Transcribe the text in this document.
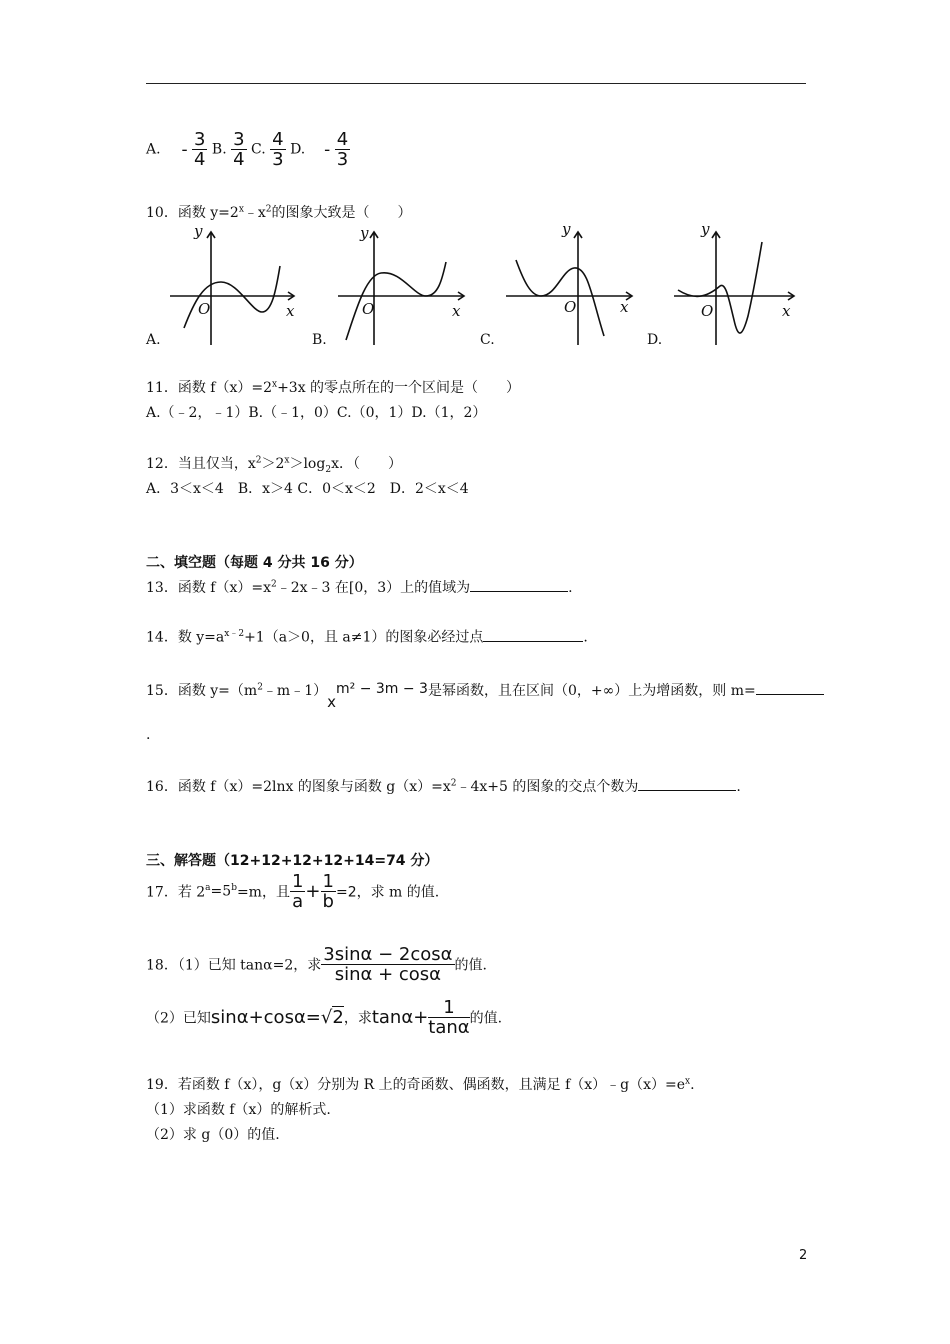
A. - $\frac{3}{4} B$. $\frac{3}{4} C$. $\frac{4}{3} D$. - $\frac{4}{3}$
10．函数 $y=2^x﹣x^2$的图象大致是（　　）
y
O	x
y
O	x
y
O	x
y
O	x
A.	B.	C.	D.
11．函数 $f(x)=2^x+3x$ 的零点所在的一个区间是（　　）
A.（﹣2，﹣1）B.（﹣1，0）C.（0，1）D.（1，2）
12．当且仅当，$x^2>2^x>\log_2x$．（　　）
A．3＜x＜4　B．x＞4 C．0＜x＜2　D．2＜x＜4
二、填空题（每题 4 分共 16 分）
13．函数 $f(x)=x^2﹣2x﹣3$ 在[0，3）上的值域为	.
14．数 $y=a^{x﹣2}+1(a>0$，且 a≠1）的图象必经过点	.
15．函数 $y=(m^2﹣m﹣1)xm^2 - 3m - 3$是幂函数，且在区间（0，+∞）上为增函数，则 m=
.
16．函数 f（x）=2lnx 的图象与函数 $g(x)=x^2﹣4x+5$ 的图象的交点个数为	.
三、解答题（12+12+12+12+14=74 分）
17．若 $2^a=5^b=m$，且 $\frac{1}{a} + \frac{1}{b} =2$，求 m 的值.
18．（1）已知 tanα=2，求 $\frac{3\sin\alpha - 2\cos\alpha}{\sin\alpha + \cos\alpha}$ 的值.
（2）已知sinα+cosα=√2，求$\tan\alpha+ \frac{1}{\tan\alpha}$ 的值.
19．若函数 f（x），g（x）分别为 R 上的奇函数、偶函数，且满足 $f(x)﹣g(x)=e^x$.
（1）求函数 f（x）的解析式.
（2）求 g（0）的值.
2
